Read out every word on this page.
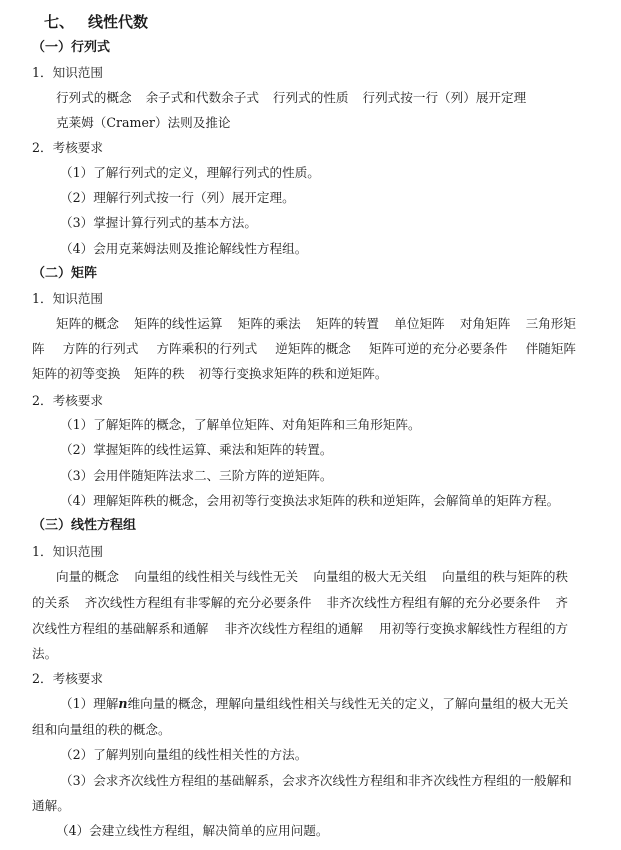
七、 线性代数
（一）行列式
1．知识范围
行列式的概念 余子式和代数余子式 行列式的性质 行列式按一行（列）展开定理
克莱姆（Cramer）法则及推论
2．考核要求
（1）了解行列式的定义，理解行列式的性质。
（2）理解行列式按一行（列）展开定理。
（3）掌握计算行列式的基本方法。
（4）会用克莱姆法则及推论解线性方程组。
（二）矩阵
1．知识范围
矩阵的概念 矩阵的线性运算 矩阵的乘法 矩阵的转置 单位矩阵 对角矩阵 三角形矩
阵 方阵的行列式 方阵乘积的行列式 逆矩阵的概念 矩阵可逆的充分必要条件 伴随矩阵
矩阵的初等变换 矩阵的秩 初等行变换求矩阵的秩和逆矩阵。
2．考核要求
（1）了解矩阵的概念，了解单位矩阵、对角矩阵和三角形矩阵。
（2）掌握矩阵的线性运算、乘法和矩阵的转置。
（3）会用伴随矩阵法求二、三阶方阵的逆矩阵。
（4）理解矩阵秩的概念，会用初等行变换法求矩阵的秩和逆矩阵，会解简单的矩阵方程。
（三）线性方程组
1．知识范围
向量的概念 向量组的线性相关与线性无关 向量组的极大无关组 向量组的秩与矩阵的秩
的关系 齐次线性方程组有非零解的充分必要条件 非齐次线性方程组有解的充分必要条件 齐
次线性方程组的基础解系和通解 非齐次线性方程组的通解 用初等行变换求解线性方程组的方
法。
2．考核要求
（1）理解n维向量的概念，理解向量组线性相关与线性无关的定义，了解向量组的极大无关
组和向量组的秩的概念。
（2）了解判别向量组的线性相关性的方法。
（3）会求齐次线性方程组的基础解系，会求齐次线性方程组和非齐次线性方程组的一般解和
通解。
（4）会建立线性方程组，解决简单的应用问题。
